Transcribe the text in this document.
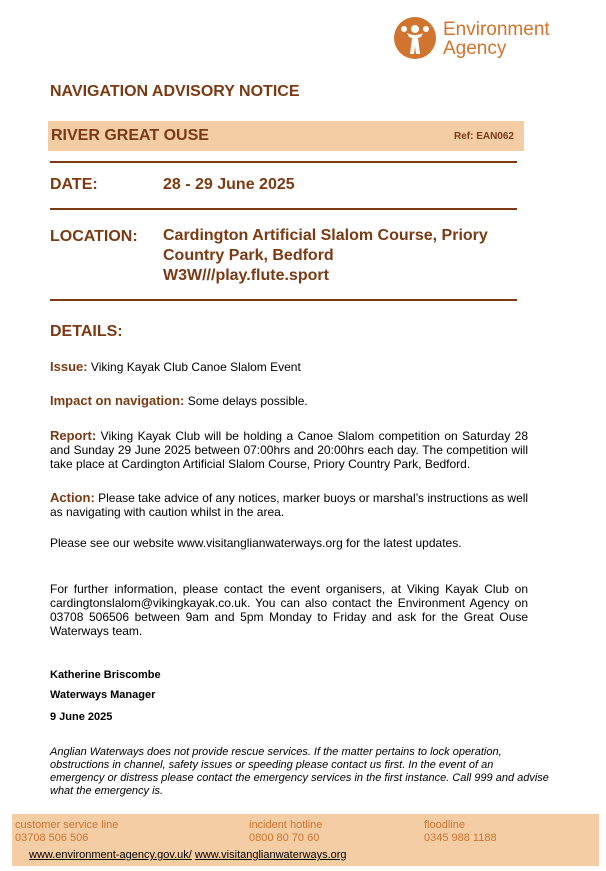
Environment
Agency
NAVIGATION ADVISORY NOTICE
RIVER GREAT OUSE	Ref: EAN062
DATE:	28 - 29 June 2025
LOCATION: Cardington Artificial Slalom Course, Priory
Country Park, Bedford
W3W///play.flute.sport
DETAILS:
Issue: Viking Kayak Club Canoe Slalom Event
Impact on navigation: Some delays possible.
Report: Viking Kayak Club will be holding a Canoe Slalom competition on Saturday 28 and Sunday 29 June 2025 between 07:00hrs and 20:00hrs each day. The competition will take place at Cardington Artificial Slalom Course, Priory Country Park, Bedford.
Action: Please take advice of any notices, marker buoys or marshal’s instructions as well as navigating with caution whilst in the area.
Please see our website www.visitanglianwaterways.org for the latest updates.
For further information, please contact the event organisers, at Viking Kayak Club on cardingtonslalom@vikingkayak.co.uk. You can also contact the Environment Agency on 03708 506506 between 9am and 5pm Monday to Friday and ask for the Great Ouse Waterways team.
Katherine Briscombe
Waterways Manager
9 June 2025
Anglian Waterways does not provide rescue services. If the matter pertains to lock operation, obstructions in channel, safety issues or speeding please contact us first. In the event of an emergency or distress please contact the emergency services in the first instance. Call 999 and advise what the emergency is.
customer service line
03708 506 506
incident hotline
0800 80 70 60
floodline
0345 988 1188
www.environment-agency.gov.uk/ www.visitanglianwaterways.org
